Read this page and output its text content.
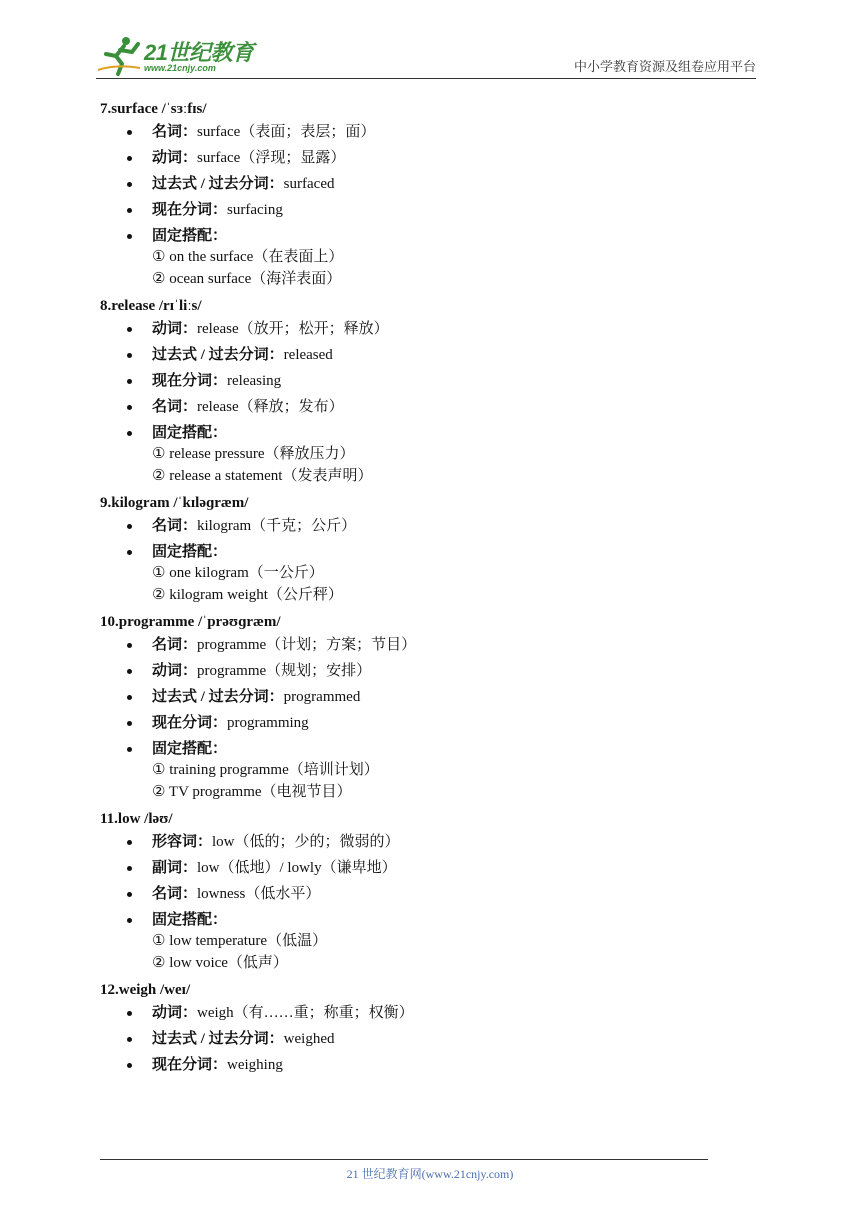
21世纪教育
www.21cnjy.com	中小学教育资源及组卷应用平台
7.surface /ˈsɜːfɪs/
名词：surface（表面；表层；面）
动词：surface（浮现；显露）
过去式 / 过去分词：surfaced
现在分词：surfacing
固定搭配：
① on the surface（在表面上）
② ocean surface（海洋表面）
8.release /rɪˈliːs/
动词：release（放开；松开；释放）
过去式 / 过去分词：released
现在分词：releasing
名词：release（释放；发布）
固定搭配：
① release pressure（释放压力）
② release a statement（发表声明）
9.kilogram /ˈkɪləɡræm/
名词：kilogram（千克；公斤）
固定搭配：
① one kilogram（一公斤）
② kilogram weight（公斤秤）
10.programme /ˈprəʊɡræm/
名词：programme（计划；方案；节目）
动词：programme（规划；安排）
过去式 / 过去分词：programmed
现在分词：programming
固定搭配：
① training programme（培训计划）
② TV programme（电视节目）
11.low /ləʊ/
形容词：low（低的；少的；微弱的）
副词：low（低地）/ lowly（谦卑地）
名词：lowness（低水平）
固定搭配：
① low temperature（低温）
② low voice（低声）
12.weigh /weɪ/
动词：weigh（有……重；称重；权衡）
过去式 / 过去分词：weighed
现在分词：weighing
21 世纪教育网(www.21cnjy.com)
